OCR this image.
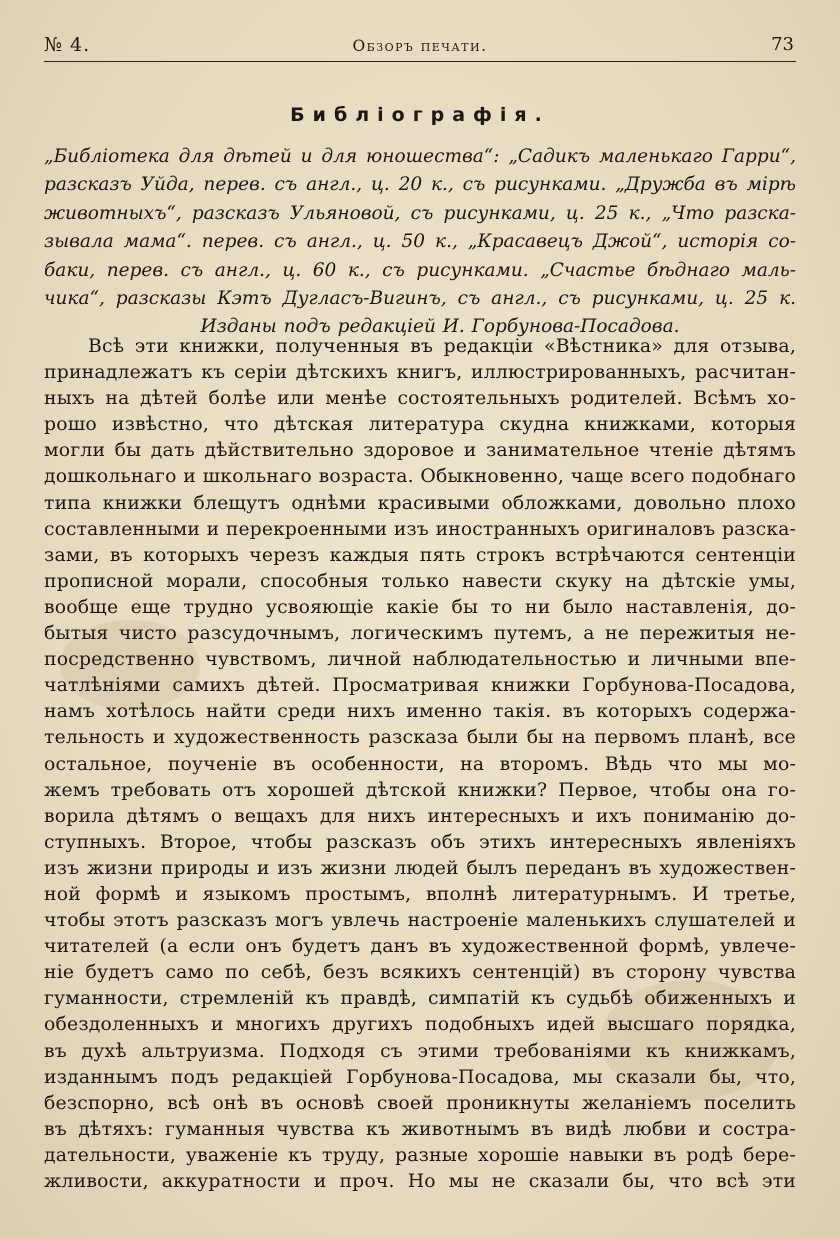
№ 4.	Обзоръ печати.	73
Библіографія.
„Библіотека для дѣтей и для юношества“: „Садикъ маленькаго Гарри“,
разсказъ Уйда, перев. съ англ., ц. 20 к., съ рисунками. „Дружба въ мірѣ
животныхъ“, разсказъ Ульяновой, съ рисунками, ц. 25 к., „Что разска-
зывала мама“. перев. съ англ., ц. 50 к., „Красавецъ Джой“, исторія со-
баки, перев. съ англ., ц. 60 к., съ рисунками. „Счастье бѣднаго маль-
чика“, разсказы Кэтъ Дугласъ-Вигинъ, съ англ., съ рисунками, ц. 25 к.
Изданы подъ редакціей И. Горбунова-Посадова.
Всѣ эти книжки, полученныя въ редакціи «Вѣстника» для отзыва,
принадлежатъ къ серіи дѣтскихъ книгъ, иллюстрированныхъ, расчитан-
ныхъ на дѣтей болѣе или менѣе состоятельныхъ родителей. Всѣмъ хо-
рошо извѣстно, что дѣтская литература скудна книжками, которыя
могли бы дать дѣйствительно здоровое и занимательное чтеніе дѣтямъ
дошкольнаго и школьнаго возраста. Обыкновенно, чаще всего подобнаго
типа книжки блещутъ однѣми красивыми обложками, довольно плохо
составленными и перекроенными изъ иностранныхъ оригиналовъ разска-
зами, въ которыхъ черезъ каждыя пять строкъ встрѣчаются сентенціи
прописной морали, способныя только навести скуку на дѣтскіе умы,
вообще еще трудно усвояющіе какіе бы то ни было наставленія, до-
бытыя чисто разсудочнымъ, логическимъ путемъ, а не пережитыя не-
посредственно чувствомъ, личной наблюдательностью и личными впе-
чатлѣніями самихъ дѣтей. Просматривая книжки Горбунова-Посадова,
намъ хотѣлось найти среди нихъ именно такія. въ которыхъ содержа-
тельность и художественность разсказа были бы на первомъ планѣ, все
остальное, поученіе въ особенности, на второмъ. Вѣдь что мы мо-
жемъ требовать отъ хорошей дѣтской книжки? Первое, чтобы она го-
ворила дѣтямъ о вещахъ для нихъ интересныхъ и ихъ пониманію до-
ступныхъ. Второе, чтобы разсказъ объ этихъ интересныхъ явленіяхъ
изъ жизни природы и изъ жизни людей былъ переданъ въ художествен-
ной формѣ и языкомъ простымъ, вполнѣ литературнымъ. И третье,
чтобы этотъ разсказъ могъ увлечь настроеніе маленькихъ слушателей и
читателей (а если онъ будетъ данъ въ художественной формѣ, увлече-
ніе будетъ само по себѣ, безъ всякихъ сентенцій) въ сторону чувства
гуманности, стремленій къ правдѣ, симпатій къ судьбѣ обиженныхъ и
обездоленныхъ и многихъ другихъ подобныхъ идей высшаго порядка,
въ духѣ альтруизма. Подходя съ этими требованіями къ книжкамъ,
изданнымъ подъ редакціей Горбунова-Посадова, мы сказали бы, что,
безспорно, всѣ онѣ въ основѣ своей проникнуты желаніемъ поселить
въ дѣтяхъ: гуманныя чувства къ животнымъ въ видѣ любви и состра-
дательности, уваженіе къ труду, разные хорошіе навыки въ родѣ бере-
жливости, аккуратности и проч. Но мы не сказали бы, что всѣ эти
